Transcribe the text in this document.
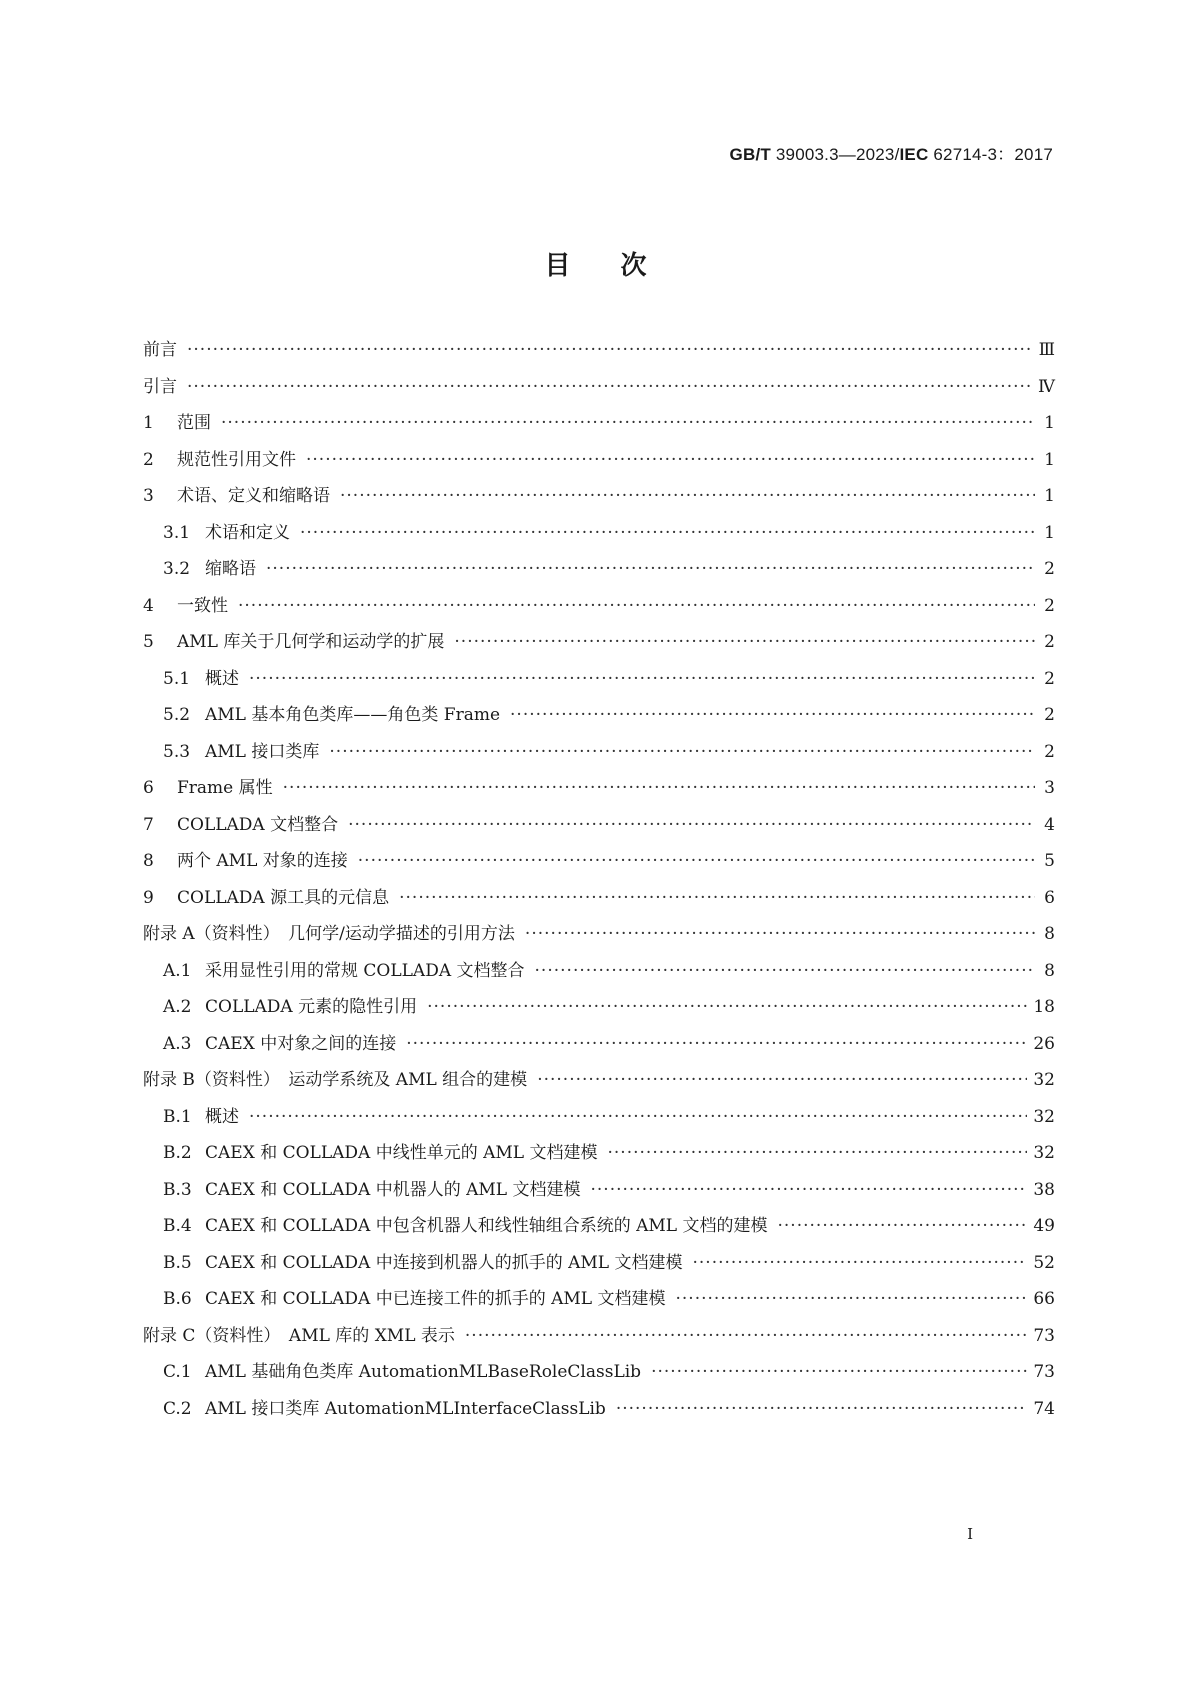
GB/T 39003.3—2023/IEC 62714-3：2017
目次
前言 ·····	Ⅲ
引言 ·····	Ⅳ
1	范围 ·····	1
2	规范性引用文件 ·····	1
3	术语、定义和缩略语 ·····	1
3.1 术语和定义 ·····	1
3.2 缩略语 ·····	2
4	一致性 ·····	2
5	AML 库关于几何学和运动学的扩展 ·····	2
5.1 概述 ·····	2
5.2 AML 基本角色类库——角色类 Frame ·····	2
5.3 AML 接口类库 ·····	2
6	Frame 属性 ·····	3
7	COLLADA 文档整合 ·····	4
8	两个 AML 对象的连接 ·····	5
9	COLLADA 源工具的元信息 ·····	6
附录 A（资料性）　几何学/运动学描述的引用方法 ·····	8
A.1 采用显性引用的常规 COLLADA 文档整合 ·····	8
A.2 COLLADA 元素的隐性引用 ·····	18
A.3 CAEX 中对象之间的连接 ·····	26
附录 B（资料性）　运动学系统及 AML 组合的建模 ·····	32
B.1 概述 ·····	32
B.2 CAEX 和 COLLADA 中线性单元的 AML 文档建模 ·····	32
B.3 CAEX 和 COLLADA 中机器人的 AML 文档建模 ·····	38
B.4 CAEX 和 COLLADA 中包含机器人和线性轴组合系统的 AML 文档的建模 ·····	49
B.5 CAEX 和 COLLADA 中连接到机器人的抓手的 AML 文档建模 ·····	52
B.6 CAEX 和 COLLADA 中已连接工件的抓手的 AML 文档建模 ·····	66
附录 C（资料性）　AML 库的 XML 表示 ·····	73
C.1 AML 基础角色类库 AutomationMLBaseRoleClassLib ·····	73
C.2 AML 接口类库 AutomationMLInterfaceClassLib ·····	74
I
